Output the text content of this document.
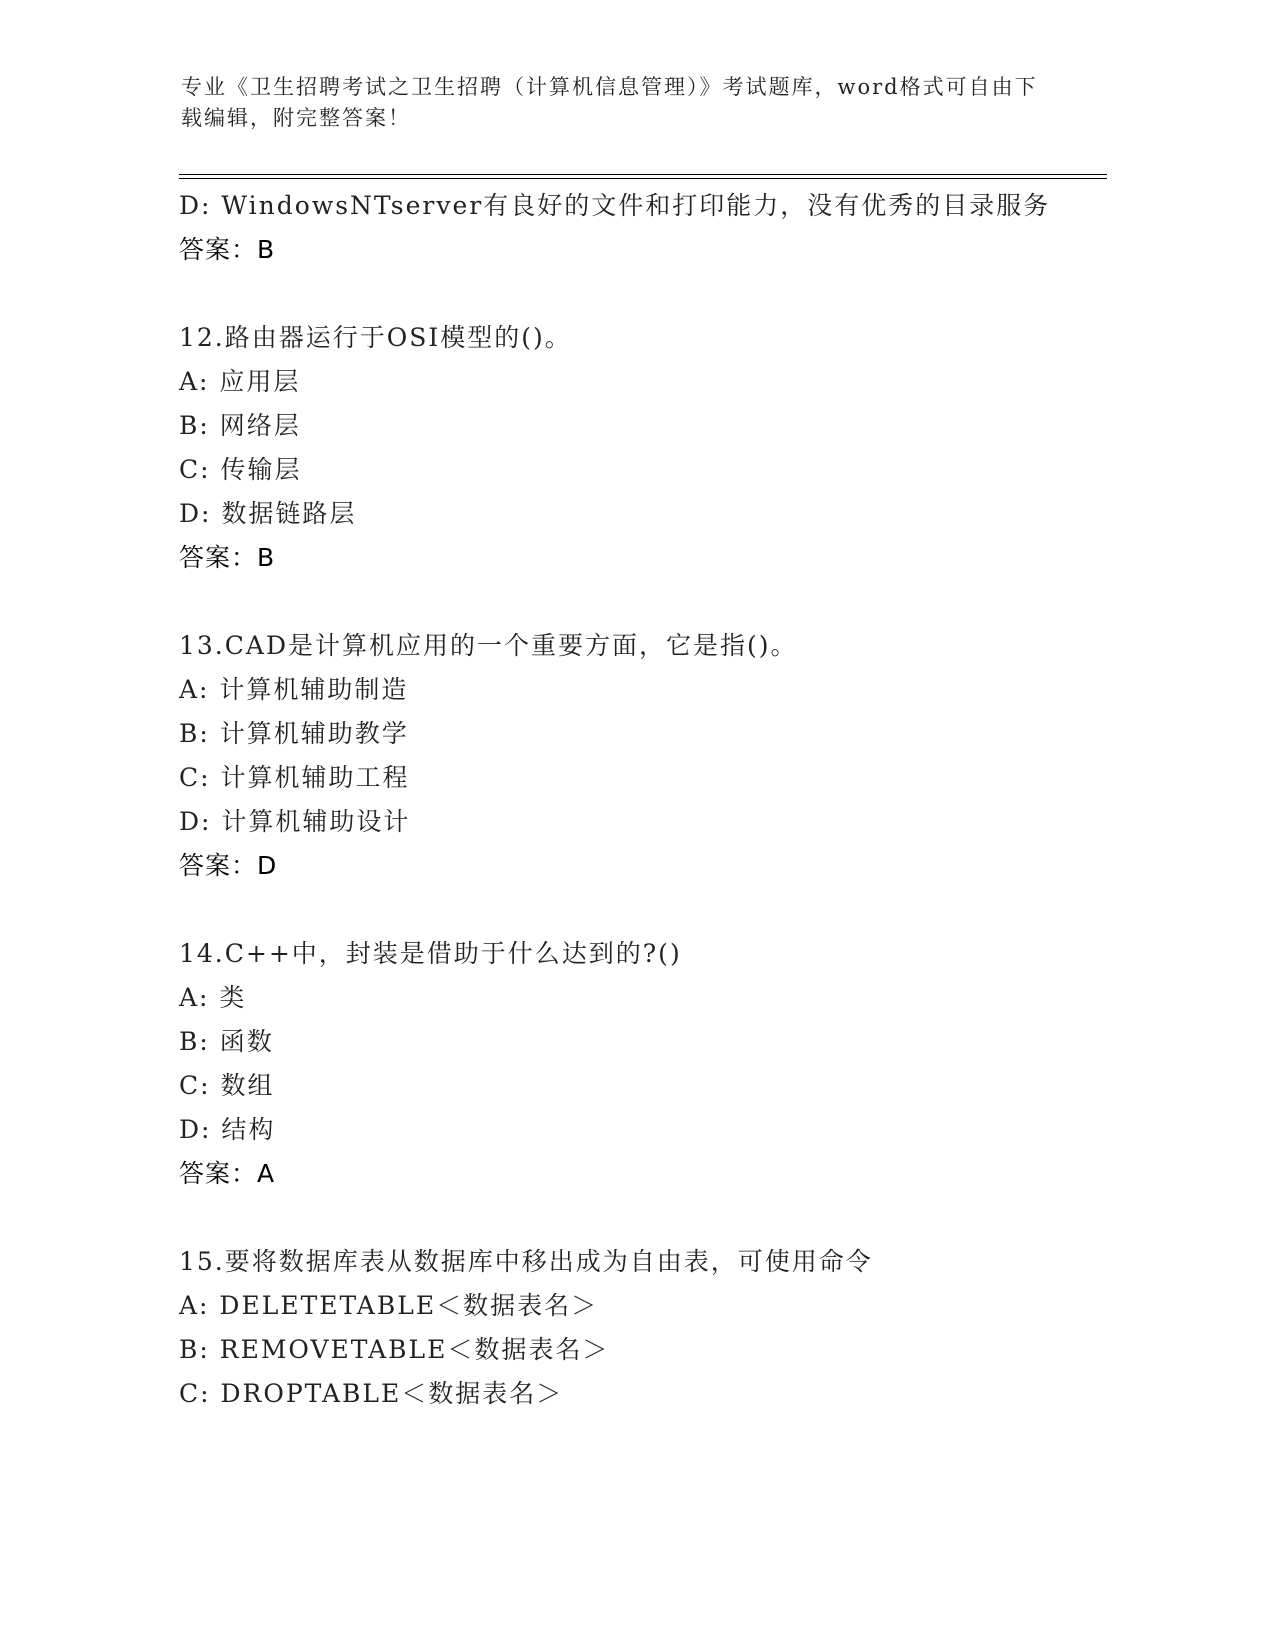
专业《卫生招聘考试之卫生招聘（计算机信息管理）》考试题库，word格式可自由下载编辑，附完整答案！
D: WindowsNTserver有良好的文件和打印能力，没有优秀的目录服务
答案：B
12.路由器运行于OSI模型的()。
A: 应用层
B: 网络层
C: 传输层
D: 数据链路层
答案：B
13.CAD是计算机应用的一个重要方面，它是指()。
A: 计算机辅助制造
B: 计算机辅助教学
C: 计算机辅助工程
D: 计算机辅助设计
答案：D
14.C++中，封装是借助于什么达到的?()
A: 类
B: 函数
C: 数组
D: 结构
答案：A
15.要将数据库表从数据库中移出成为自由表，可使用命令
A: DELETETABLE＜数据表名＞
B: REMOVETABLE＜数据表名＞
C: DROPTABLE＜数据表名＞
